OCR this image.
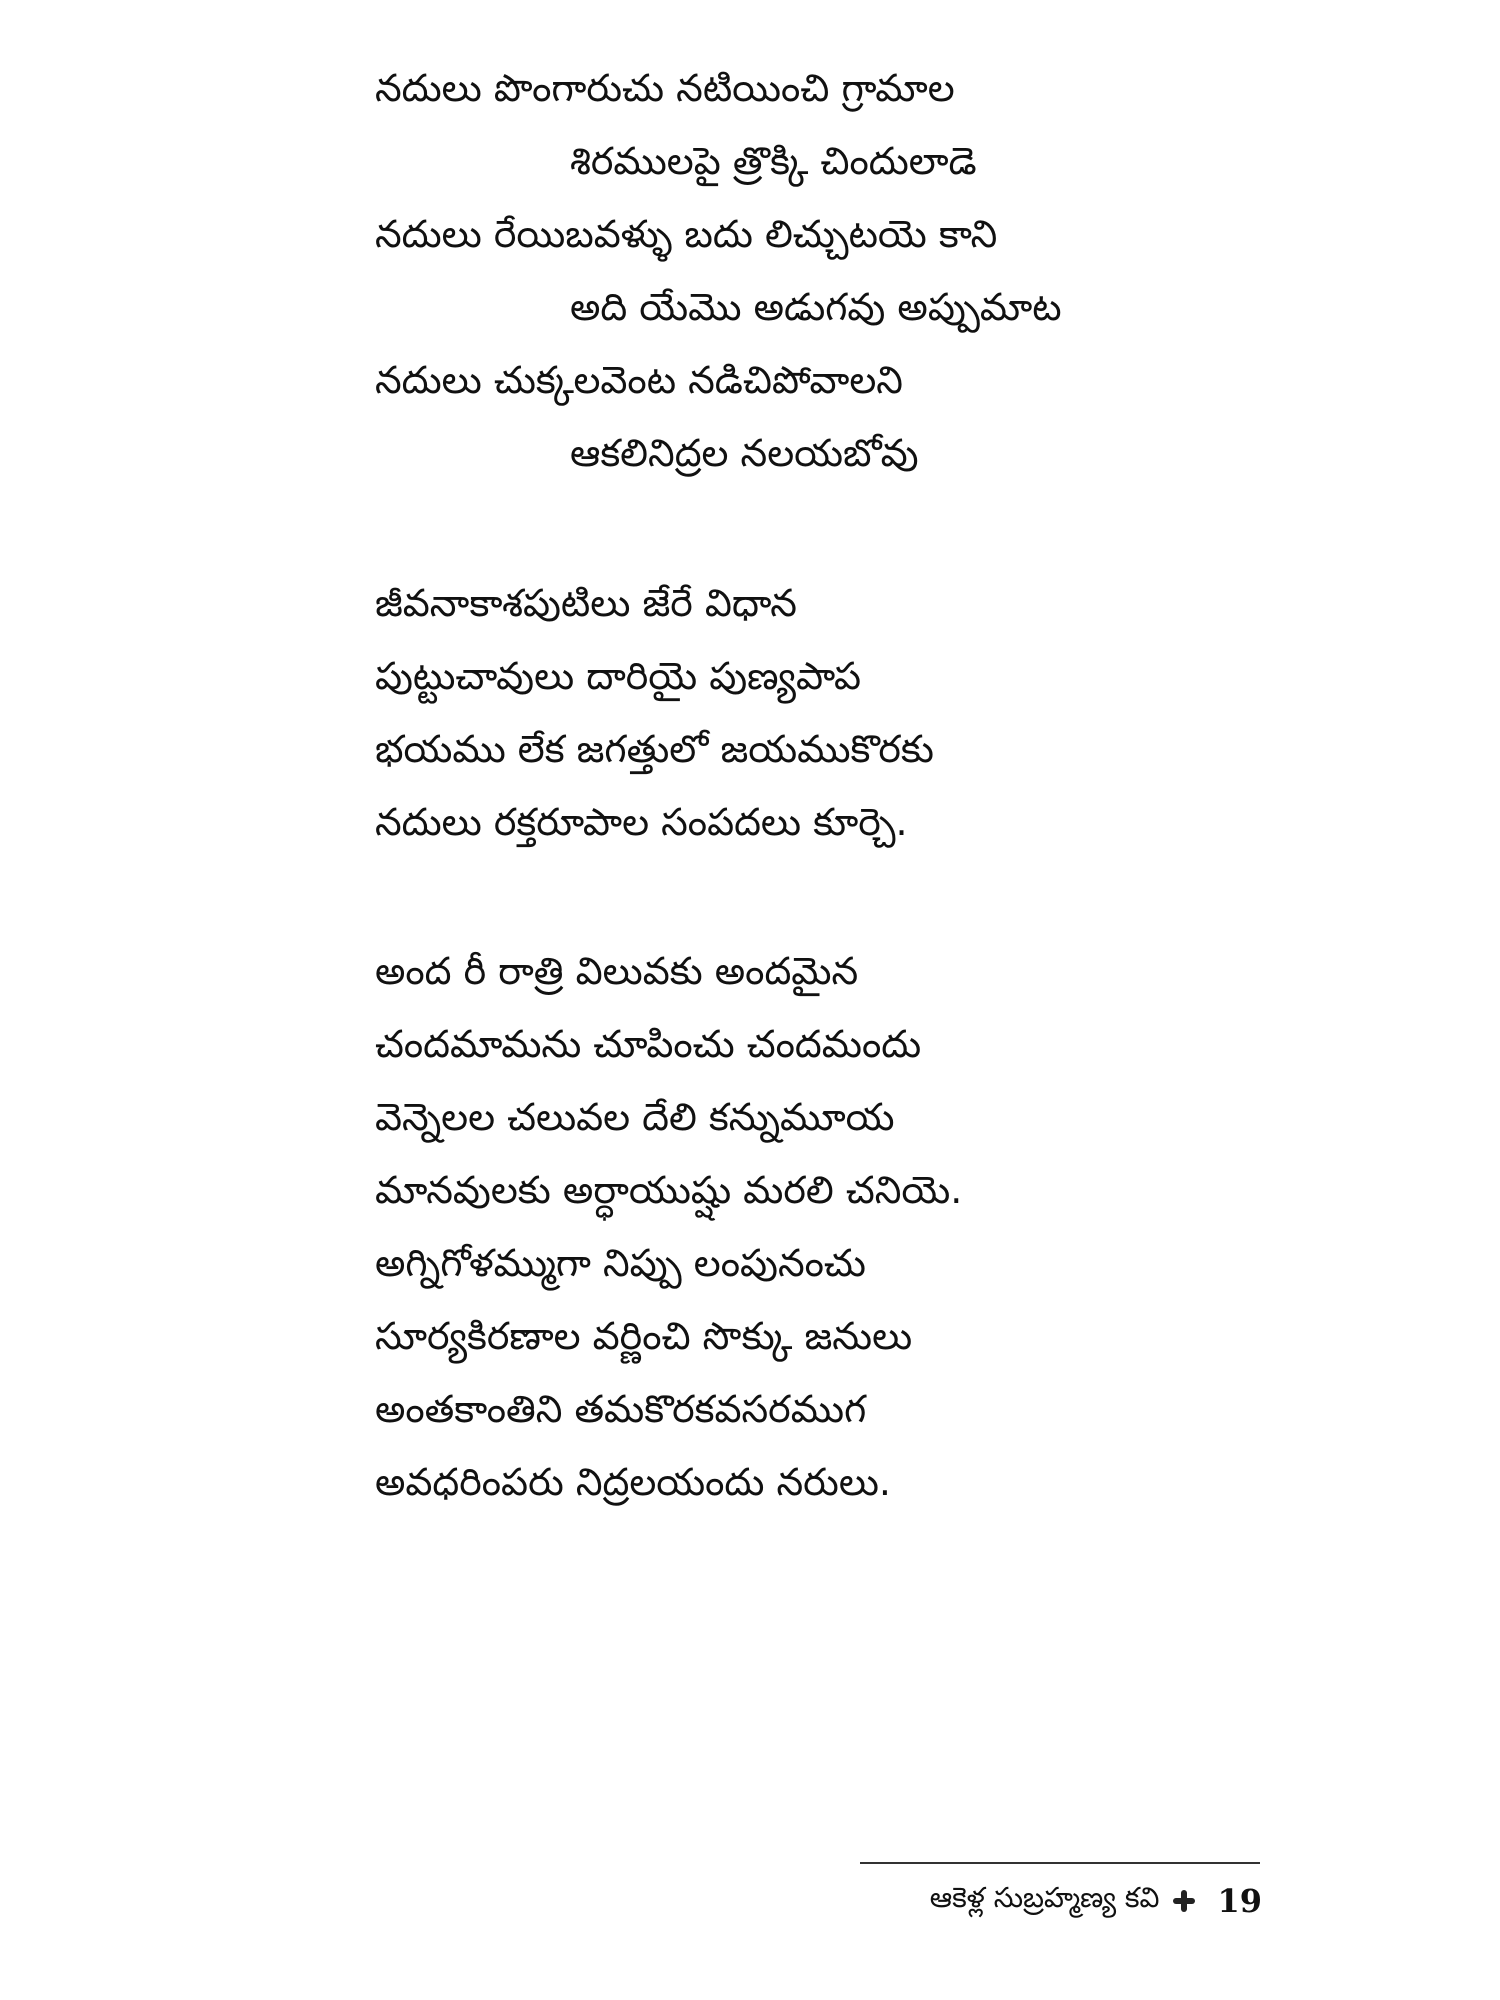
నదులు పొంగారుచు నటియించి గ్రామాల
శిరములపై త్రొక్కి చిందులాడె
నదులు రేయిబవళ్ళు బదు లిచ్చుటయె కాని
అది యేమొ అడుగవు అప్పుమాట
నదులు చుక్కలవెంట నడిచిపోవాలని
ఆకలినిద్రల నలయబోవు
జీవనాకాశపుటిలు జేరే విధాన
పుట్టుచావులు దారియై పుణ్యపాప
భయము లేక జగత్తులో జయముకొరకు
నదులు రక్తరూపాల సంపదలు కూర్చె.
అంద రీ రాత్రి విలువకు అందమైన
చందమామను చూపించు చందమందు
వెన్నెలల చలువల దేలి కన్నుమూయ
మానవులకు అర్ధాయుష్షు మరలి చనియె.
అగ్నిగోళమ్ముగా నిప్పు లంపునంచు
సూర్యకిరణాల వర్ణించి సొక్కు జనులు
అంతకాంతిని తమకొరకవసరముగ
అవధరింపరు నిద్రలయందు నరులు.
ఆకెళ్ల సుబ్రహ్మణ్య కవి 19
